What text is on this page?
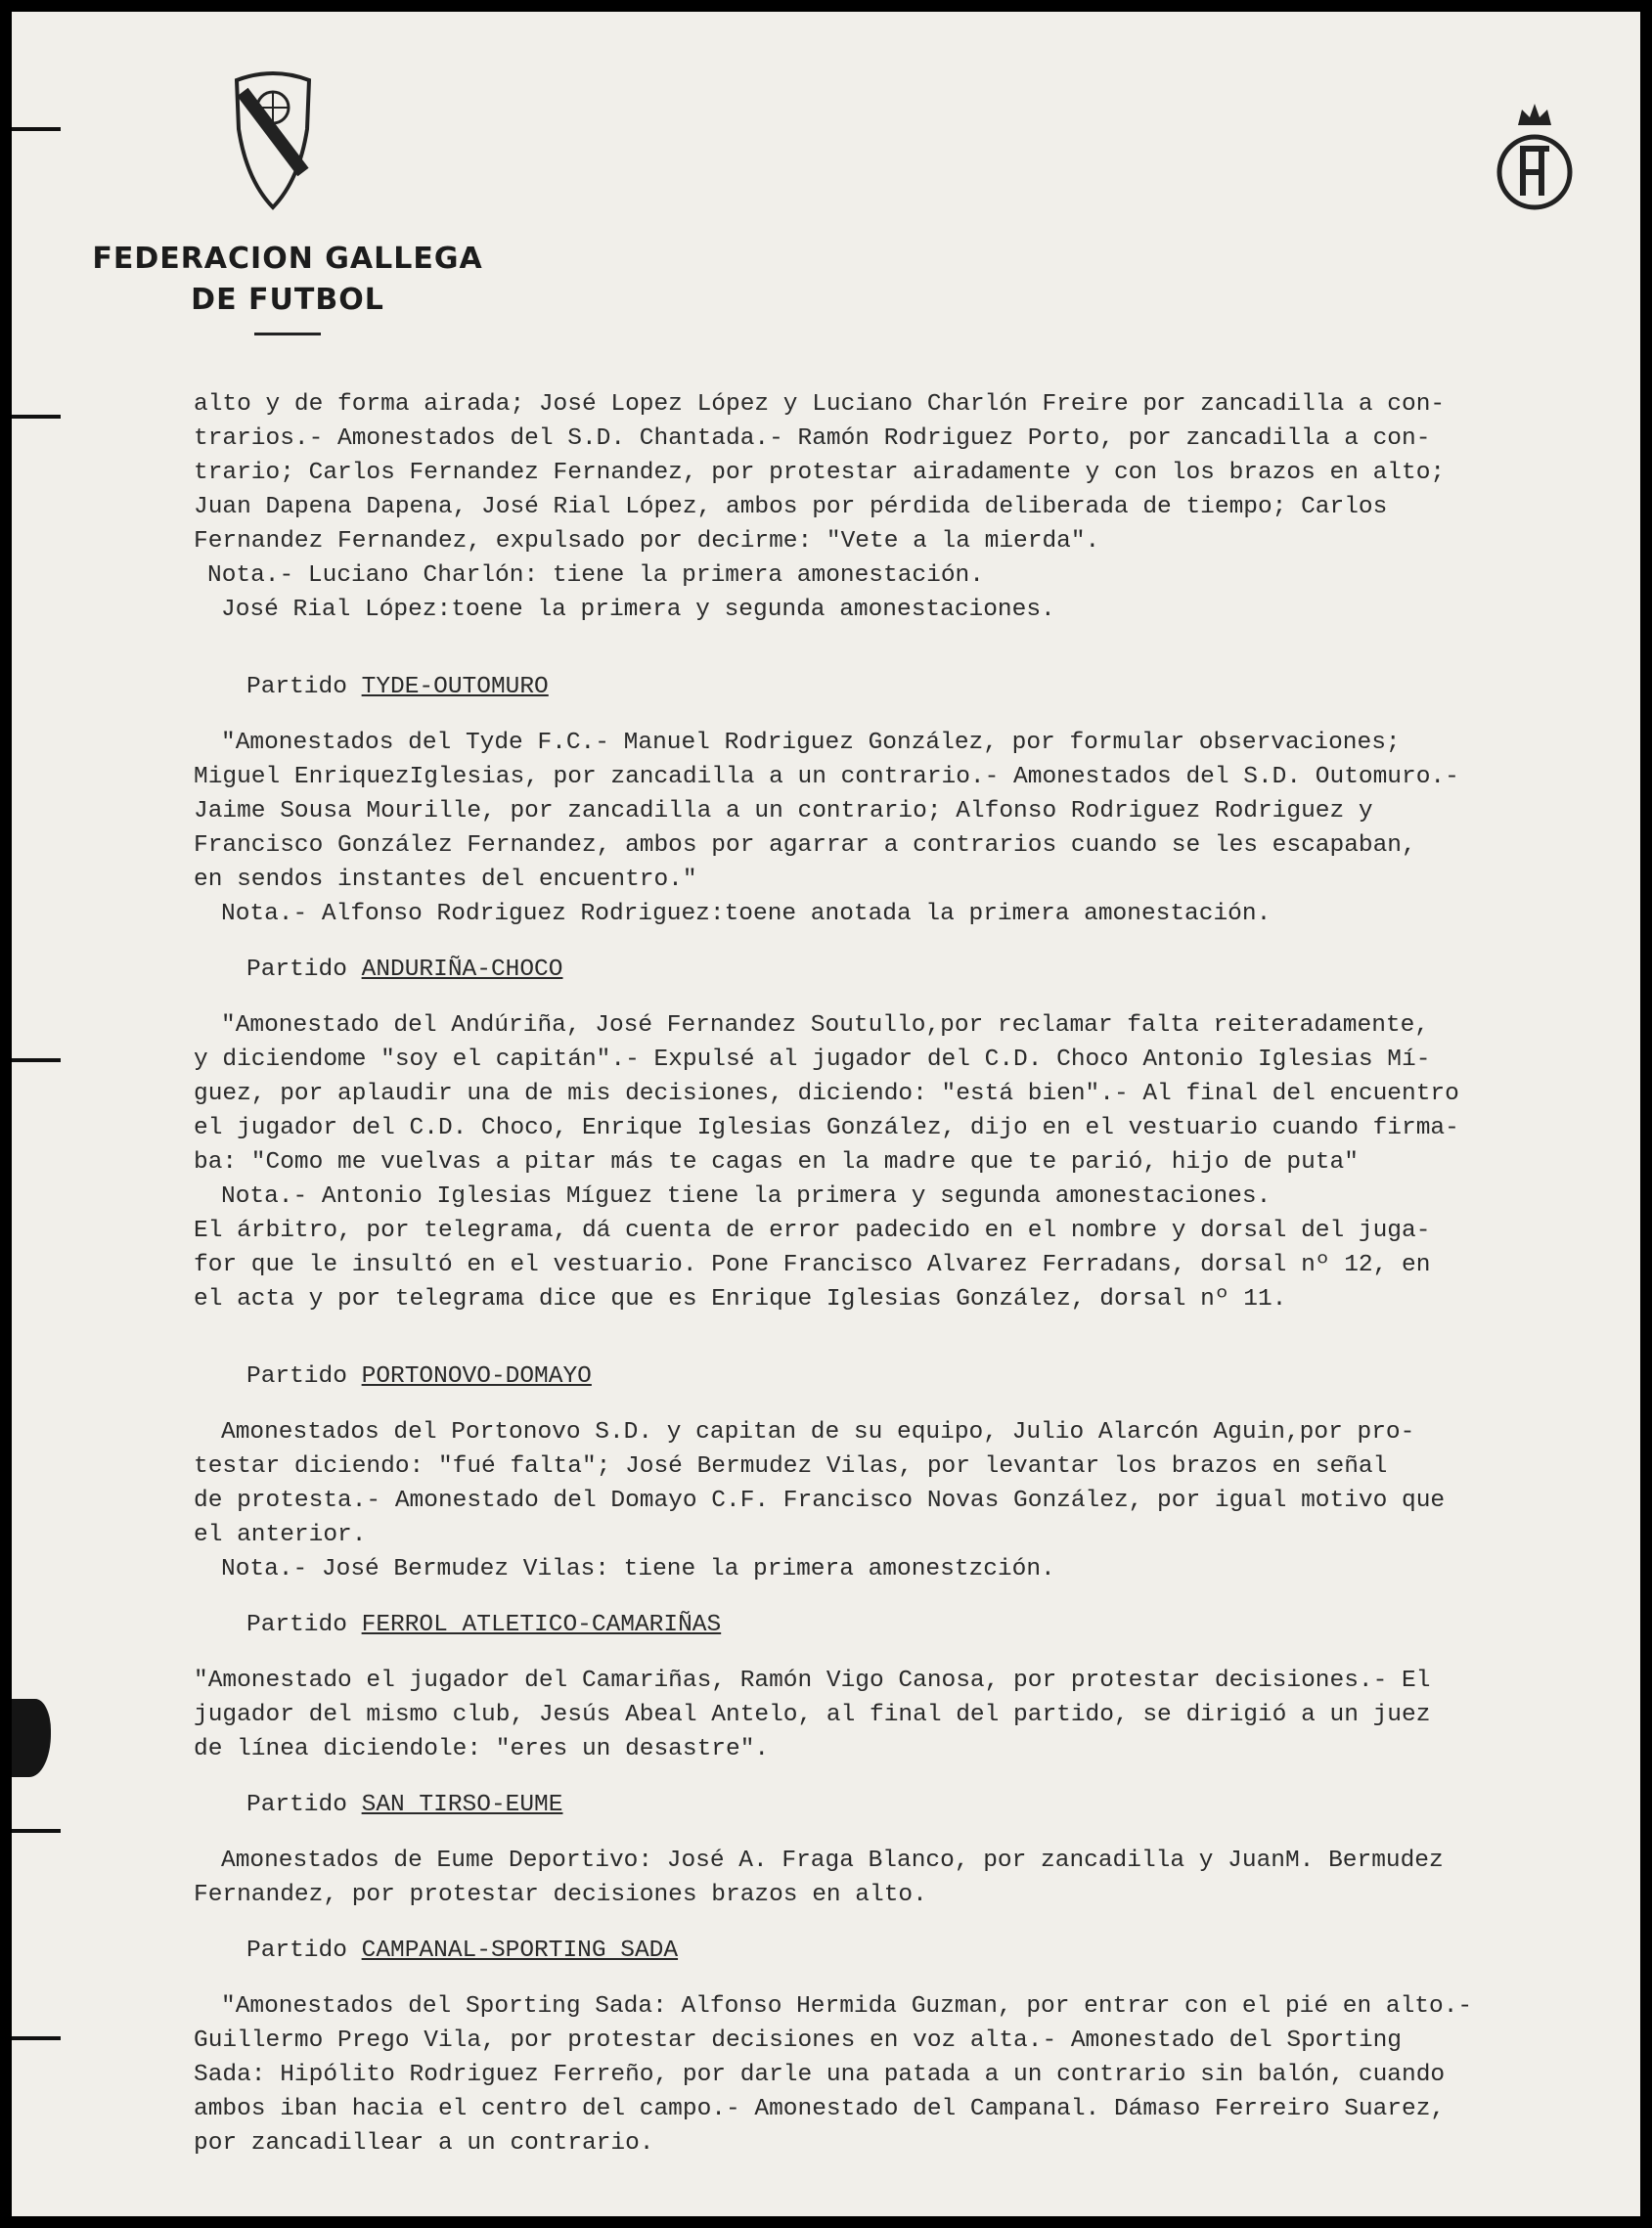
FEDERACION GALLEGA
DE FUTBOL

alto y de forma airada; José Lopez López y Luciano Charlón Freire por zancadilla a con-

trarios.- Amonestados del S.D. Chantada.- Ramón Rodriguez Porto, por zancadilla a con-

trario; Carlos Fernandez Fernandez, por protestar airadamente y con los brazos en alto;

Juan Dapena Dapena, José Rial López, ambos por pérdida deliberada de tiempo; Carlos

Fernandez Fernandez, expulsado por decirme: "Vete a la mierda".

Nota.- Luciano Charlón: tiene la primera amonestación.

José Rial López:toene la primera y segunda amonestaciones.

Partido TYDE-OUTOMURO

"Amonestados del Tyde F.C.- Manuel Rodriguez González, por formular observaciones;

Miguel EnriquezIglesias, por zancadilla a un contrario.- Amonestados del S.D. Outomuro.-

Jaime Sousa Mourille, por zancadilla a un contrario; Alfonso Rodriguez Rodriguez y

Francisco González Fernandez, ambos por agarrar a contrarios cuando se les escapaban,

en sendos instantes del encuentro."

Nota.- Alfonso Rodriguez Rodriguez:toene anotada la primera amonestación.

Partido ANDURIÑA-CHOCO

"Amonestado del Andúriña, José Fernandez Soutullo,por reclamar falta reiteradamente,

y diciendome "soy el capitán".- Expulsé al jugador del C.D. Choco Antonio Iglesias Mí-

guez, por aplaudir una de mis decisiones, diciendo: "está bien".- Al final del encuentro

el jugador del C.D. Choco, Enrique Iglesias González, dijo en el vestuario cuando firma-

ba: "Como me vuelvas a pitar más te cagas en la madre que te parió, hijo de puta"

Nota.- Antonio Iglesias Míguez tiene la primera y segunda amonestaciones.

El árbitro, por telegrama, dá cuenta de error padecido en el nombre y dorsal del juga-

for que le insultó en el vestuario. Pone Francisco Alvarez Ferradans, dorsal nº 12, en

el acta y por telegrama dice que es Enrique Iglesias González, dorsal nº 11.

Partido PORTONOVO-DOMAYO

Amonestados del Portonovo S.D. y capitan de su equipo, Julio Alarcón Aguin,por pro-

testar diciendo: "fué falta"; José Bermudez Vilas, por levantar los brazos en señal

de protesta.- Amonestado del Domayo C.F. Francisco Novas González, por igual motivo que

el anterior.

Nota.- José Bermudez Vilas: tiene la primera amonestzción.

Partido FERROL ATLETICO-CAMARIÑAS

"Amonestado el jugador del Camariñas, Ramón Vigo Canosa, por protestar decisiones.- El

jugador del mismo club, Jesús Abeal Antelo, al final del partido, se dirigió a un juez

de línea diciendole: "eres un desastre".

Partido SAN TIRSO-EUME

Amonestados de Eume Deportivo: José A. Fraga Blanco, por zancadilla y JuanM. Bermudez

Fernandez, por protestar decisiones brazos en alto.

Partido CAMPANAL-SPORTING SADA

"Amonestados del Sporting Sada: Alfonso Hermida Guzman, por entrar con el pié en alto.-

Guillermo Prego Vila, por protestar decisiones en voz alta.- Amonestado del Sporting

Sada: Hipólito Rodriguez Ferreño, por darle una patada a un contrario sin balón, cuando

ambos iban hacia el centro del campo.- Amonestado del Campanal. Dámaso Ferreiro Suarez,

por zancadillear a un contrario.
